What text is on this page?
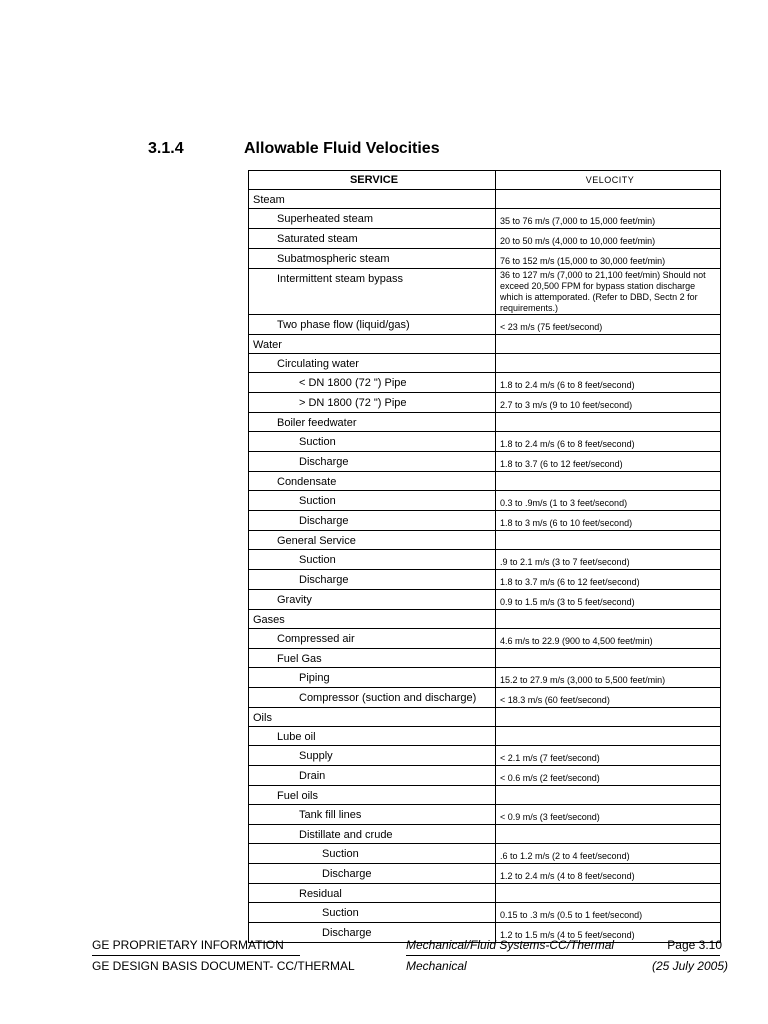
3.1.4	Allowable Fluid Velocities
SERVICE	VELOCITY
Steam	
Superheated steam	35 to 76 m/s (7,000 to 15,000 feet/min)
Saturated steam	20 to 50 m/s (4,000 to 10,000 feet/min)
Subatmospheric steam	76 to 152 m/s (15,000 to 30,000 feet/min)
Intermittent steam bypass	36 to 127 m/s (7,000 to 21,100 feet/min) Should not exceed 20,500 FPM for bypass station discharge which is attemporated. (Refer to DBD, Sectn 2 for requirements.)
Two phase flow (liquid/gas)	< 23 m/s (75 feet/second)
Water	
Circulating water	
< DN 1800 (72 ") Pipe	1.8 to 2.4 m/s (6 to 8 feet/second)
> DN 1800 (72 ") Pipe	2.7 to 3 m/s (9 to 10 feet/second)
Boiler feedwater	
Suction	1.8 to 2.4 m/s (6 to 8 feet/second)
Discharge	1.8 to 3.7 (6 to 12 feet/second)
Condensate	
Suction	0.3 to .9m/s (1 to 3 feet/second)
Discharge	1.8 to 3 m/s (6 to 10 feet/second)
General Service	
Suction	.9 to 2.1 m/s (3 to 7 feet/second)
Discharge	1.8 to 3.7 m/s (6 to 12 feet/second)
Gravity	0.9 to 1.5 m/s (3 to 5 feet/second)
Gases	
Compressed air	4.6 m/s to 22.9 (900 to 4,500 feet/min)
Fuel Gas	
Piping	15.2 to 27.9 m/s (3,000 to 5,500 feet/min)
Compressor (suction and discharge)	< 18.3 m/s (60 feet/second)
Oils	
Lube oil	
Supply	< 2.1 m/s (7 feet/second)
Drain	< 0.6 m/s (2 feet/second)
Fuel oils	
Tank fill lines	< 0.9 m/s (3 feet/second)
Distillate and crude	
Suction	.6 to 1.2 m/s (2 to 4 feet/second)
Discharge	1.2 to 2.4 m/s (4 to 8 feet/second)
Residual	
Suction	0.15 to .3 m/s (0.5 to 1 feet/second)
Discharge	1.2 to 1.5 m/s (4 to 5 feet/second)
GE PROPRIETARY INFORMATION
GE DESIGN BASIS DOCUMENT- CC/THERMAL
Mechanical/Fluid Systems-CC/Thermal
Mechanical
Page 3.10
(25 July 2005)
